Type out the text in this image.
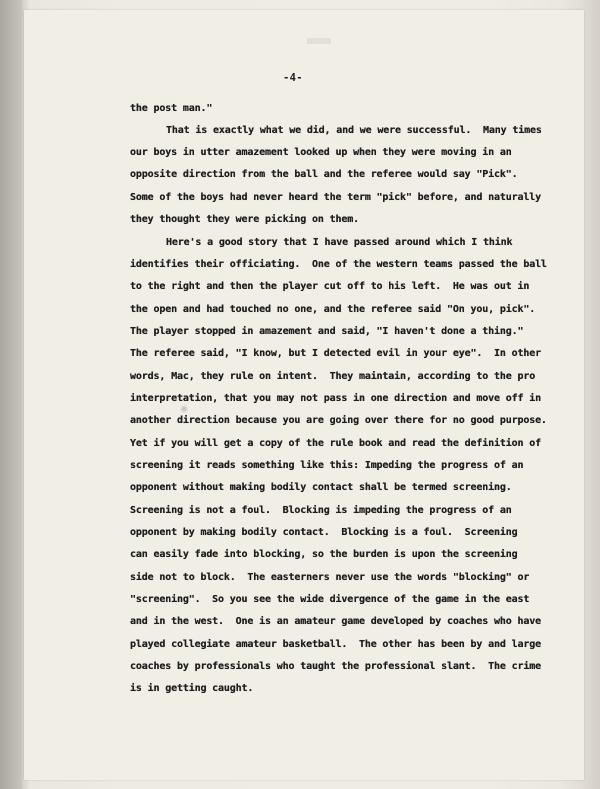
-4-
the post man."
That is exactly what we did, and we were successful.  Many times
our boys in utter amazement looked up when they were moving in an
opposite direction from the ball and the referee would say "Pick".
Some of the boys had never heard the term "pick" before, and naturally
they thought they were picking on them.
Here's a good story that I have passed around which I think
identifies their officiating.  One of the western teams passed the ball
to the right and then the player cut off to his left.  He was out in
the open and had touched no one, and the referee said "On you, pick".
The player stopped in amazement and said, "I haven't done a thing."
The referee said, "I know, but I detected evil in your eye".  In other
words, Mac, they rule on intent.  They maintain, according to the pro
interpretation, that you may not pass in one direction and move off in
another direction because you are going over there for no good purpose.
Yet if you will get a copy of the rule book and read the definition of
screening it reads something like this: Impeding the progress of an
opponent without making bodily contact shall be termed screening.
Screening is not a foul.  Blocking is impeding the progress of an
opponent by making bodily contact.  Blocking is a foul.  Screening
can easily fade into blocking, so the burden is upon the screening
side not to block.  The easterners never use the words "blocking" or
"screening".  So you see the wide divergence of the game in the east
and in the west.  One is an amateur game developed by coaches who have
played collegiate amateur basketball.  The other has been by and large
coaches by professionals who taught the professional slant.  The crime
is in getting caught.
